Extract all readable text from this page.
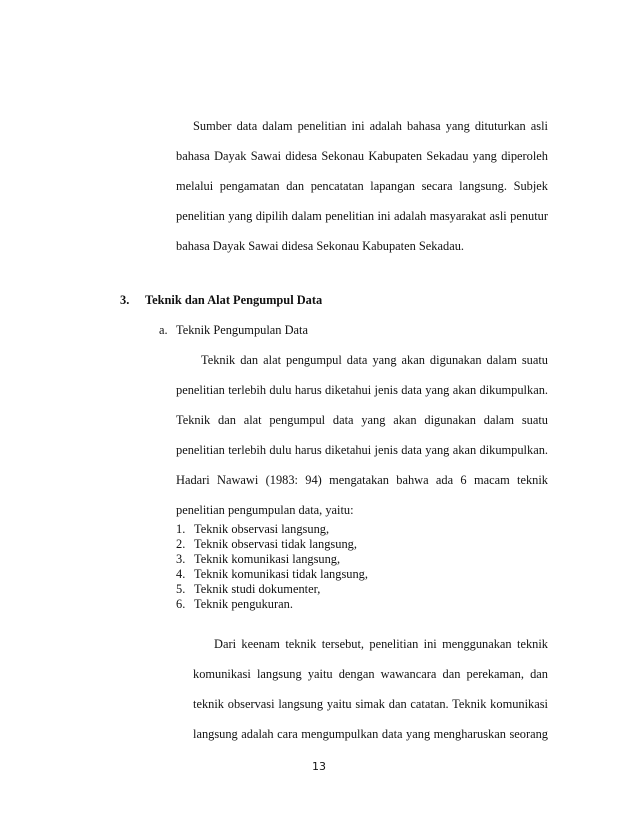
Sumber data dalam penelitian ini adalah bahasa yang dituturkan asli
bahasa Dayak Sawai didesa Sekonau Kabupaten Sekadau yang diperoleh
melalui pengamatan dan pencatatan lapangan secara langsung. Subjek
penelitian yang dipilih dalam penelitian ini adalah masyarakat asli penutur
bahasa Dayak Sawai didesa Sekonau Kabupaten Sekadau.
3. Teknik dan Alat Pengumpul Data
a. Teknik Pengumpulan Data
Teknik dan alat pengumpul data yang akan digunakan dalam suatu
penelitian terlebih dulu harus diketahui jenis data yang akan dikumpulkan.
Teknik dan alat pengumpul data yang akan digunakan dalam suatu
penelitian terlebih dulu harus diketahui jenis data yang akan dikumpulkan.
Hadari Nawawi (1983: 94) mengatakan bahwa ada 6 macam teknik
penelitian pengumpulan data, yaitu:
1. Teknik observasi langsung,
2. Teknik observasi tidak langsung,
3. Teknik komunikasi langsung,
4. Teknik komunikasi tidak langsung,
5. Teknik studi dokumenter,
6. Teknik pengukuran.
Dari keenam teknik tersebut, penelitian ini menggunakan teknik
komunikasi langsung yaitu dengan wawancara dan perekaman, dan
teknik observasi langsung yaitu simak dan catatan. Teknik komunikasi
langsung adalah cara mengumpulkan data yang mengharuskan seorang
13
